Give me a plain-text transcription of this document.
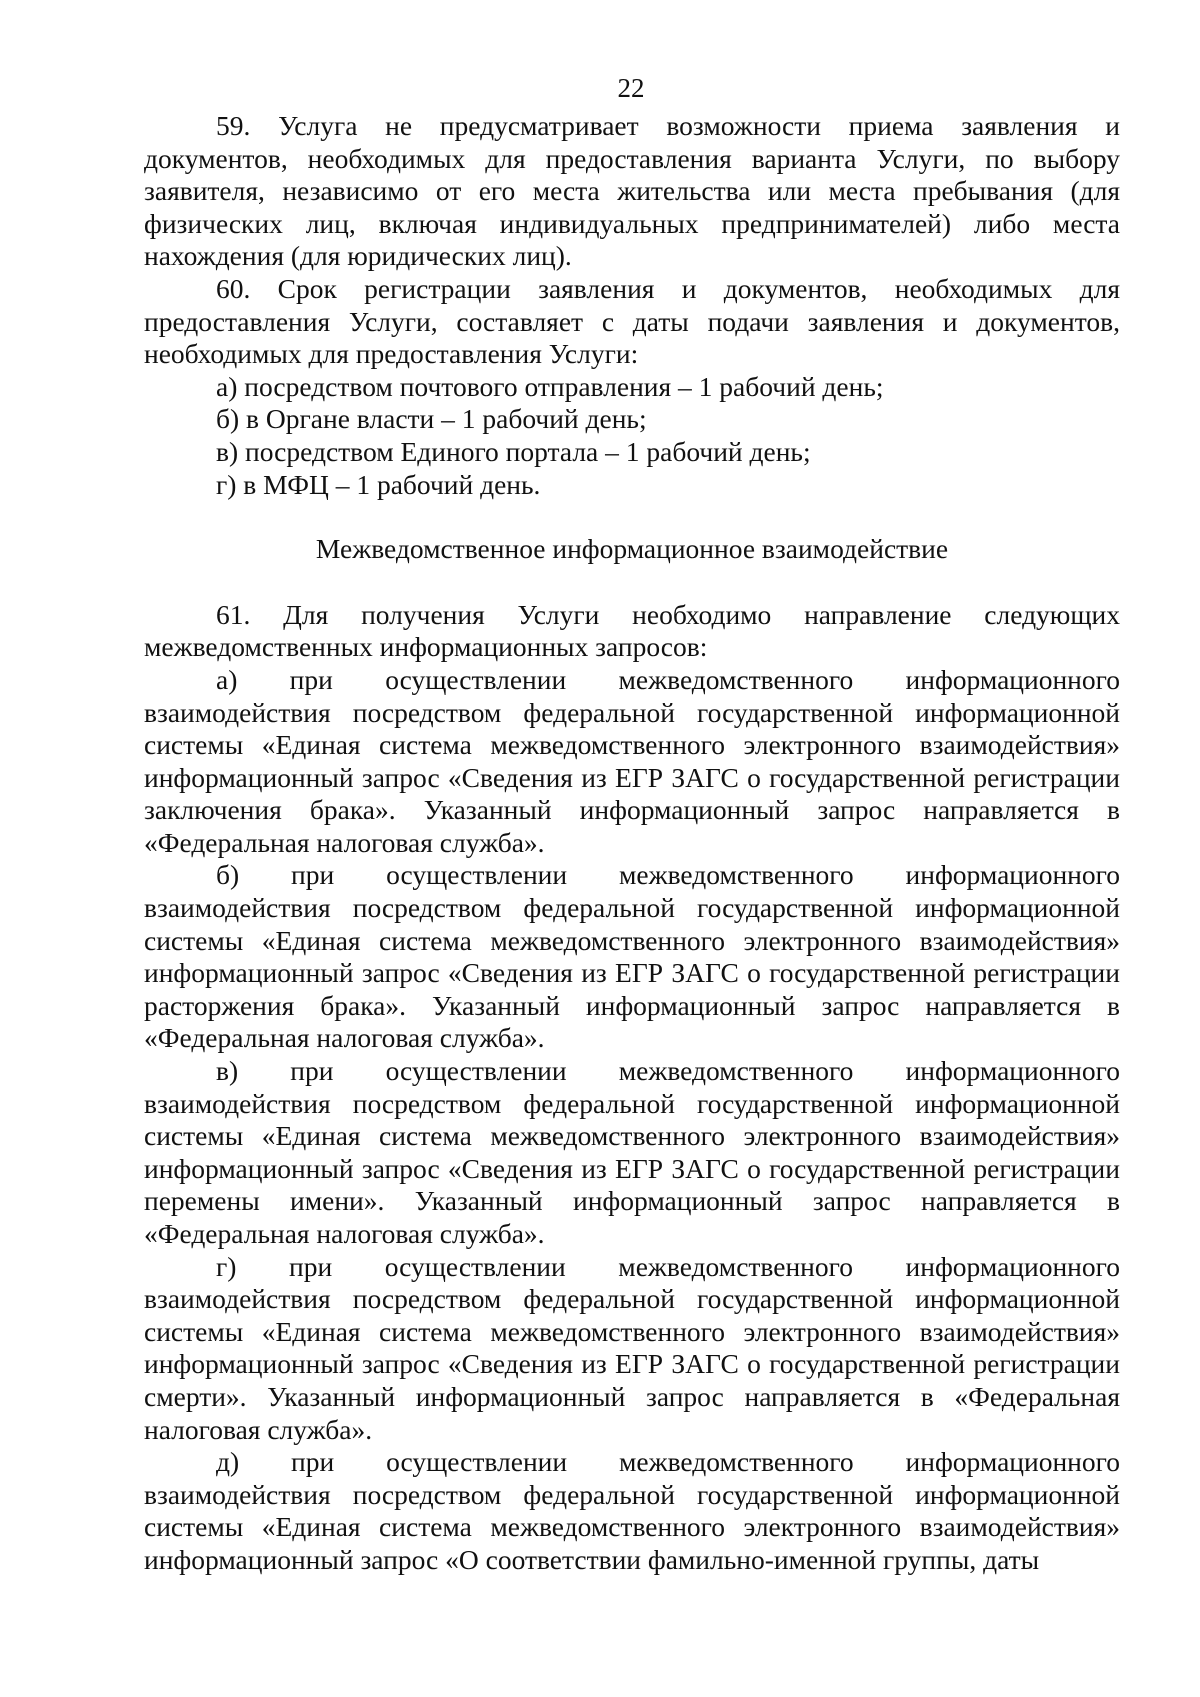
22

59. Услуга не предусматривает возможности приема заявления и документов, необходимых для предоставления варианта Услуги, по выбору заявителя, независимо от его места жительства или места пребывания (для физических лиц, включая индивидуальных предпринимателей) либо места нахождения (для юридических лиц).

60. Срок регистрации заявления и документов, необходимых для предоставления Услуги, составляет с даты подачи заявления и документов, необходимых для предоставления Услуги:

а) посредством почтового отправления – 1 рабочий день;

б) в Органе власти – 1 рабочий день;

в) посредством Единого портала – 1 рабочий день;

г) в МФЦ – 1 рабочий день.

Межведомственное информационное взаимодействие

61. Для получения Услуги необходимо направление следующих межведомственных информационных запросов:

а) при осуществлении межведомственного информационного взаимодействия посредством федеральной государственной информационной системы «Единая система межведомственного электронного взаимодействия» информационный запрос «Сведения из ЕГР ЗАГС о государственной регистрации заключения брака». Указанный информационный запрос направляется в «Федеральная налоговая служба».

б) при осуществлении межведомственного информационного взаимодействия посредством федеральной государственной информационной системы «Единая система межведомственного электронного взаимодействия» информационный запрос «Сведения из ЕГР ЗАГС о государственной регистрации расторжения брака». Указанный информационный запрос направляется в «Федеральная налоговая служба».

в) при осуществлении межведомственного информационного взаимодействия посредством федеральной государственной информационной системы «Единая система межведомственного электронного взаимодействия» информационный запрос «Сведения из ЕГР ЗАГС о государственной регистрации перемены имени». Указанный информационный запрос направляется в «Федеральная налоговая служба».

г) при осуществлении межведомственного информационного взаимодействия посредством федеральной государственной информационной системы «Единая система межведомственного электронного взаимодействия» информационный запрос «Сведения из ЕГР ЗАГС о государственной регистрации смерти». Указанный информационный запрос направляется в «Федеральная налоговая служба».

д) при осуществлении межведомственного информационного взаимодействия посредством федеральной государственной информационной системы «Единая система межведомственного электронного взаимодействия» информационный запрос «О соответствии фамильно-именной группы, даты
